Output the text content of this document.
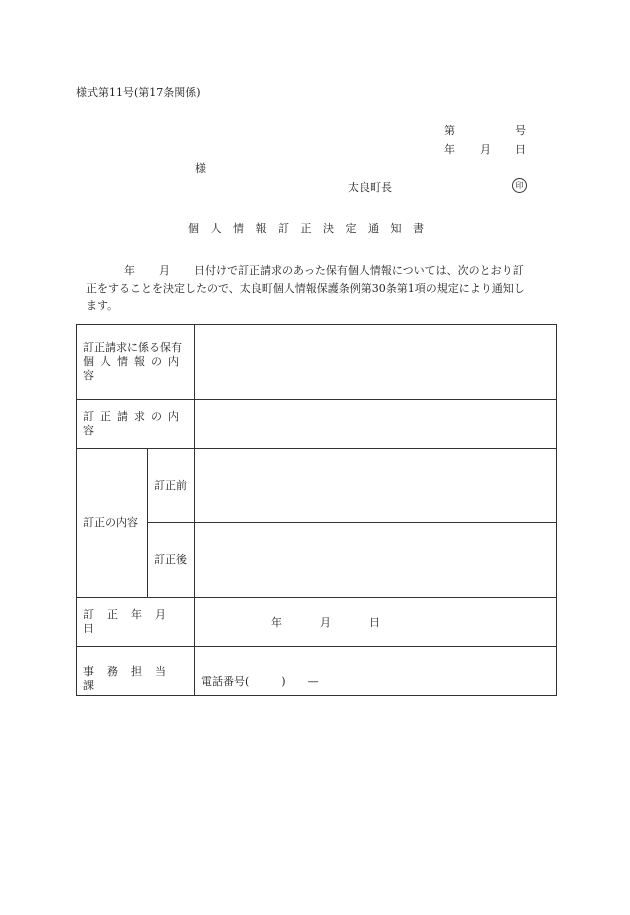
様式第11号(第17条関係)
第	号
年 月 日
様
太良町長	印
個人情報訂正決定通知書
年 月 日付けで訂正請求のあった保有個人情報については、次のとおり訂
正をすることを決定したので、太良町個人情報保護条例第30条第1項の規定により通知し
ます。
訂正請求に係る保有
個人情報の内容		

訂正請求の内容		
訂正の内容	訂正前	
	訂正後	
訂正年月日		年 月 日
事務担当課		電話番号( ) —
